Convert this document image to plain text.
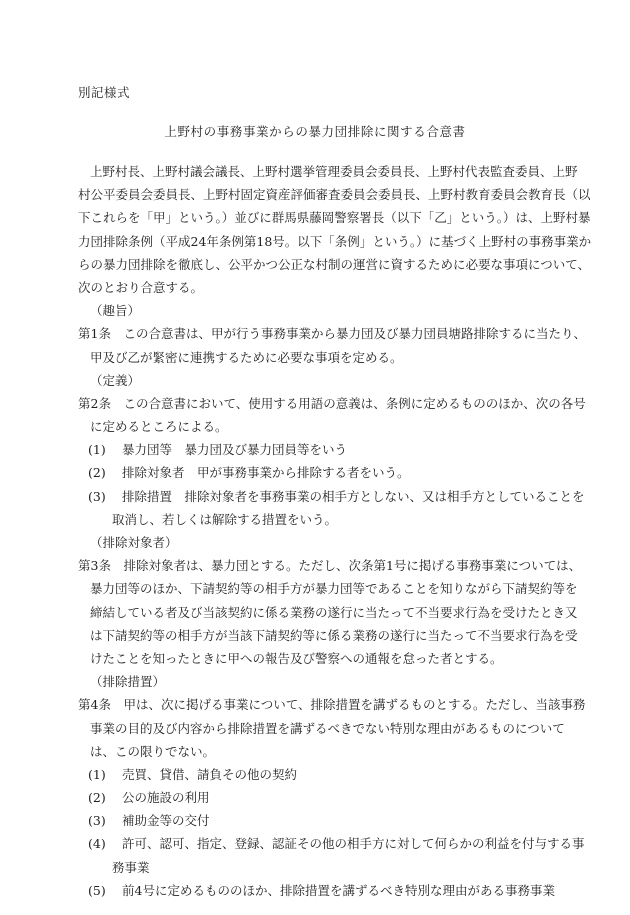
別記様式
上野村の事務事業からの暴力団排除に関する合意書
上野村長、上野村議会議長、上野村選挙管理委員会委員長、上野村代表監査委員、上野
村公平委員会委員長、上野村固定資産評価審査委員会委員長、上野村教育委員会教育長（以
下これらを「甲」という。）並びに群馬県藤岡警察署長（以下「乙」という。）は、上野村暴
力団排除条例（平成24年条例第18号。以下「条例」という。）に基づく上野村の事務事業か
らの暴力団排除を徹底し、公平かつ公正な村制の運営に資するために必要な事項について、
次のとおり合意する。
（趣旨）
第1条　この合意書は、甲が行う事務事業から暴力団及び暴力団員塘路排除するに当たり、
甲及び乙が緊密に連携するために必要な事項を定める。
（定義）
第2条　この合意書において、使用する用語の意義は、条例に定めるもののほか、次の各号
に定めるところによる。
(1) 暴力団等　暴力団及び暴力団員等をいう
(2) 排除対象者　甲が事務事業から排除する者をいう。
(3) 排除措置　排除対象者を事務事業の相手方としない、又は相手方としていることを
取消し、若しくは解除する措置をいう。
（排除対象者）
第3条　排除対象者は、暴力団とする。ただし、次条第1号に掲げる事務事業については、
暴力団等のほか、下請契約等の相手方が暴力団等であることを知りながら下請契約等を
締結している者及び当該契約に係る業務の遂行に当たって不当要求行為を受けたとき又
は下請契約等の相手方が当該下請契約等に係る業務の遂行に当たって不当要求行為を受
けたことを知ったときに甲への報告及び警察への通報を怠った者とする。
（排除措置）
第4条　甲は、次に掲げる事業について、排除措置を講ずるものとする。ただし、当該事務
事業の目的及び内容から排除措置を講ずるべきでない特別な理由があるものについて
は、この限りでない。
(1) 売買、貸借、請負その他の契約
(2) 公の施設の利用
(3) 補助金等の交付
(4) 許可、認可、指定、登録、認証その他の相手方に対して何らかの利益を付与する事
務事業
(5) 前4号に定めるもののほか、排除措置を講ずるべき特別な理由がある事務事業
